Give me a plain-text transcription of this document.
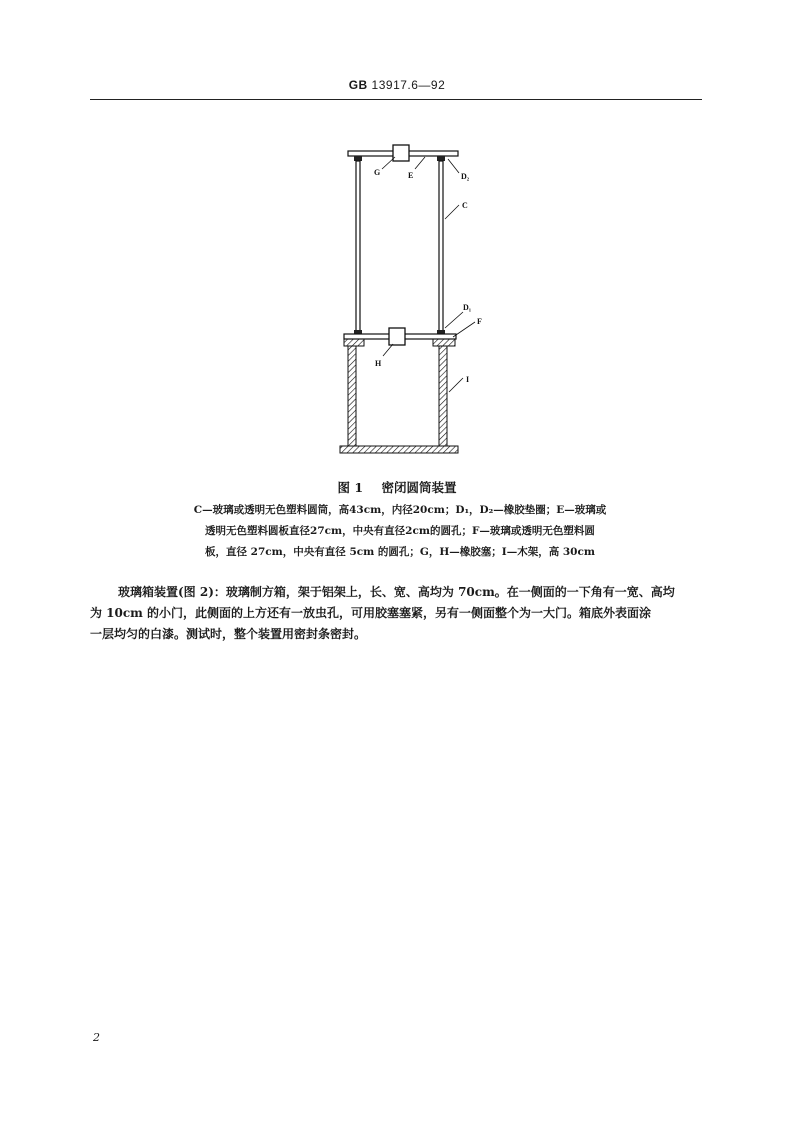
GB 13917.6—92
G	E	D₂
C
D₁
F
H
I
图 1 密闭圆筒装置
C—玻璃或透明无色塑料圆筒，高43cm，内径20cm；D₁，D₂—橡胶垫圈；E—玻璃或
透明无色塑料圆板直径27cm，中央有直径2cm的圆孔；F—玻璃或透明无色塑料圆
板，直径 27cm，中央有直径 5cm 的圆孔；G，H—橡胶塞；I—木架，高 30cm
玻璃箱装置(图 2)：玻璃制方箱，架于铝架上，长、宽、高均为 70cm。在一侧面的一下角有一宽、高均
为 10cm 的小门，此侧面的上方还有一放虫孔，可用胶塞塞紧，另有一侧面整个为一大门。箱底外表面涂
一层均匀的白漆。测试时，整个装置用密封条密封。
2
